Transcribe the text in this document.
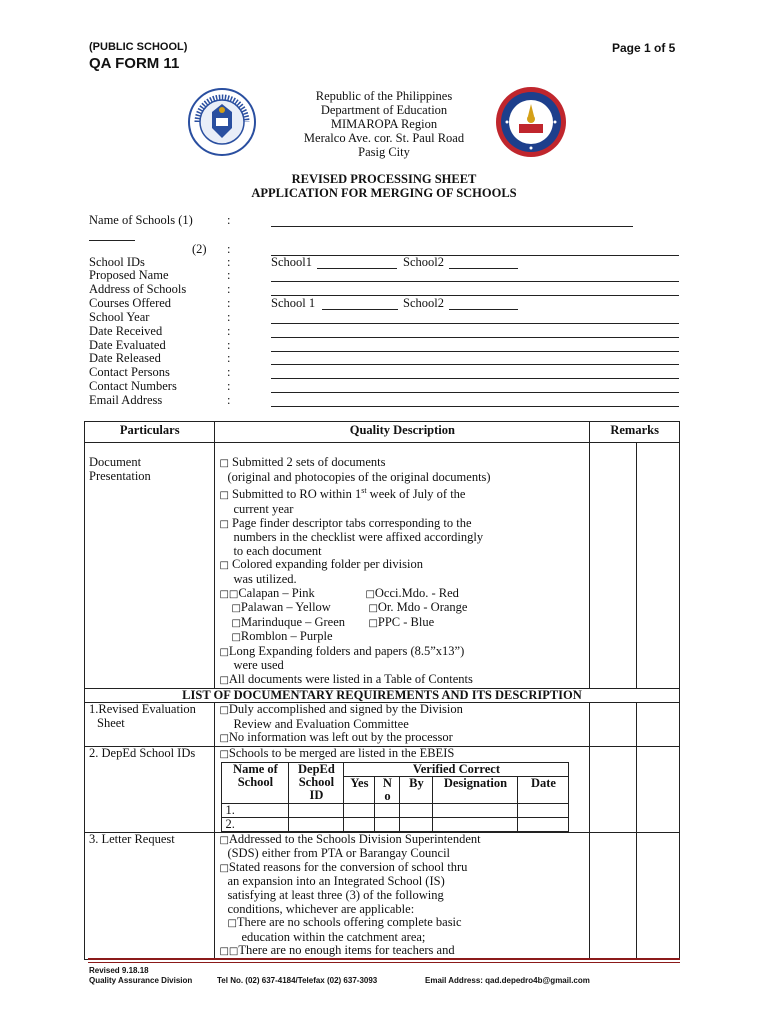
(PUBLIC SCHOOL)
QA FORM 11
Page 1 of 5
Republic of the Philippines
Department of Education
MIMAROPA Region
Meralco Ave. cor. St. Paul Road
Pasig City
REVISED PROCESSING SHEET
APPLICATION FOR MERGING OF SCHOOLS
Name of Schools (1)	:
(2) :
School IDs	:	School1	School2
Proposed Name	:
Address of Schools	:
Courses Offered	:	School 1	School2
School Year	:
Date Received	:
Date Evaluated	:
Date Released	:
Contact Persons	:
Contact Numbers	:
Email Address	:
Particulars	Quality Description	Remarks

Document
Presentation

□ Submitted 2 sets of documents
(original and photocopies of the original documents)
□ Submitted to RO within 1st week of July of the
current year
□ Page finder descriptor tabs corresponding to the
numbers in the checklist were affixed accordingly
to each document
□ Colored expanding folder per division
was utilized.
□□Calapan – Pink	□Occi.Mdo. - Red
□Palawan – Yellow	□Or. Mdo - Orange
□Marinduque – Green	□PPC - Blue
□Romblon – Purple
□Long Expanding folders and papers (8.5”x13”)
were used
□All documents were listed in a Table of Contents

LIST OF DOCUMENTARY REQUIREMENTS AND ITS DESCRIPTION

1.Revised Evaluation
Sheet

□Duly accomplished and signed by the Division
Review and Evaluation Committee
□No information was left out by the processor

2. DepEd School IDs	□Schools to be merged are listed in the EBEIS
Name of School	DepEd School ID	Verified Correct
Yes	N o	By	Designation	Date
1.						
2.						

3. Letter Request	□Addressed to the Schools Division Superintendent
(SDS) either from PTA or Barangay Council
□Stated reasons for the conversion of school thru
an expansion into an Integrated School (IS)
satisfying at least three (3) of the following
conditions, whichever are applicable:
□There are no schools offering complete basic
education within the catchment area;
□□There are no enough items for teachers and

Revised 9.18.18
Quality Assurance Division	Tel No. (02) 637-4184/Telefax (02) 637-3093	Email Address: qad.depedro4b@gmail.com
